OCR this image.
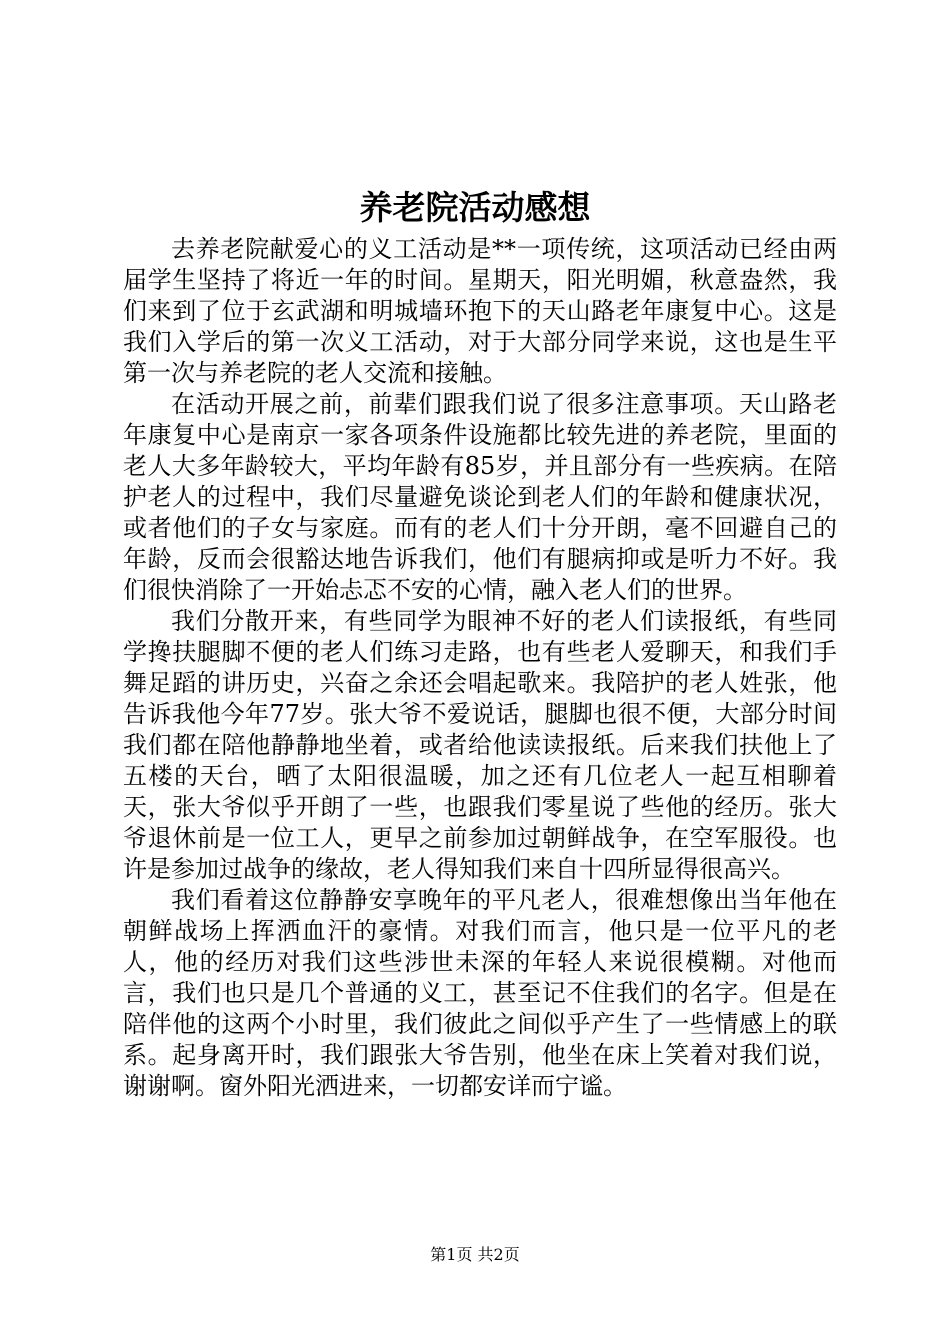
养老院活动感想

去养老院献爱心的义工活动是**一项传统，这项活动已经由两届学生坚持了将近一年的时间。星期天，阳光明媚，秋意盎然，我们来到了位于玄武湖和明城墙环抱下的天山路老年康复中心。这是我们入学后的第一次义工活动，对于大部分同学来说，这也是生平第一次与养老院的老人交流和接触。

在活动开展之前，前辈们跟我们说了很多注意事项。天山路老年康复中心是南京一家各项条件设施都比较先进的养老院，里面的老人大多年龄较大，平均年龄有85岁，并且部分有一些疾病。在陪护老人的过程中，我们尽量避免谈论到老人们的年龄和健康状况，或者他们的子女与家庭。而有的老人们十分开朗，毫不回避自己的年龄，反而会很豁达地告诉我们，他们有腿病抑或是听力不好。我们很快消除了一开始忐忑不安的心情，融入老人们的世界。

我们分散开来，有些同学为眼神不好的老人们读报纸，有些同学搀扶腿脚不便的老人们练习走路，也有些老人爱聊天，和我们手舞足蹈的讲历史，兴奋之余还会唱起歌来。我陪护的老人姓张，他告诉我他今年77岁。张大爷不爱说话，腿脚也很不便，大部分时间我们都在陪他静静地坐着，或者给他读读报纸。后来我们扶他上了五楼的天台，晒了太阳很温暖，加之还有几位老人一起互相聊着天，张大爷似乎开朗了一些，也跟我们零星说了些他的经历。张大爷退休前是一位工人，更早之前参加过朝鲜战争，在空军服役。也许是参加过战争的缘故，老人得知我们来自十四所显得很高兴。

我们看着这位静静安享晚年的平凡老人，很难想像出当年他在朝鲜战场上挥洒血汗的豪情。对我们而言，他只是一位平凡的老人，他的经历对我们这些涉世未深的年轻人来说很模糊。对他而言，我们也只是几个普通的义工，甚至记不住我们的名字。但是在陪伴他的这两个小时里，我们彼此之间似乎产生了一些情感上的联系。起身离开时，我们跟张大爷告别，他坐在床上笑着对我们说，谢谢啊。窗外阳光洒进来，一切都安详而宁谧。

第1页 共2页
